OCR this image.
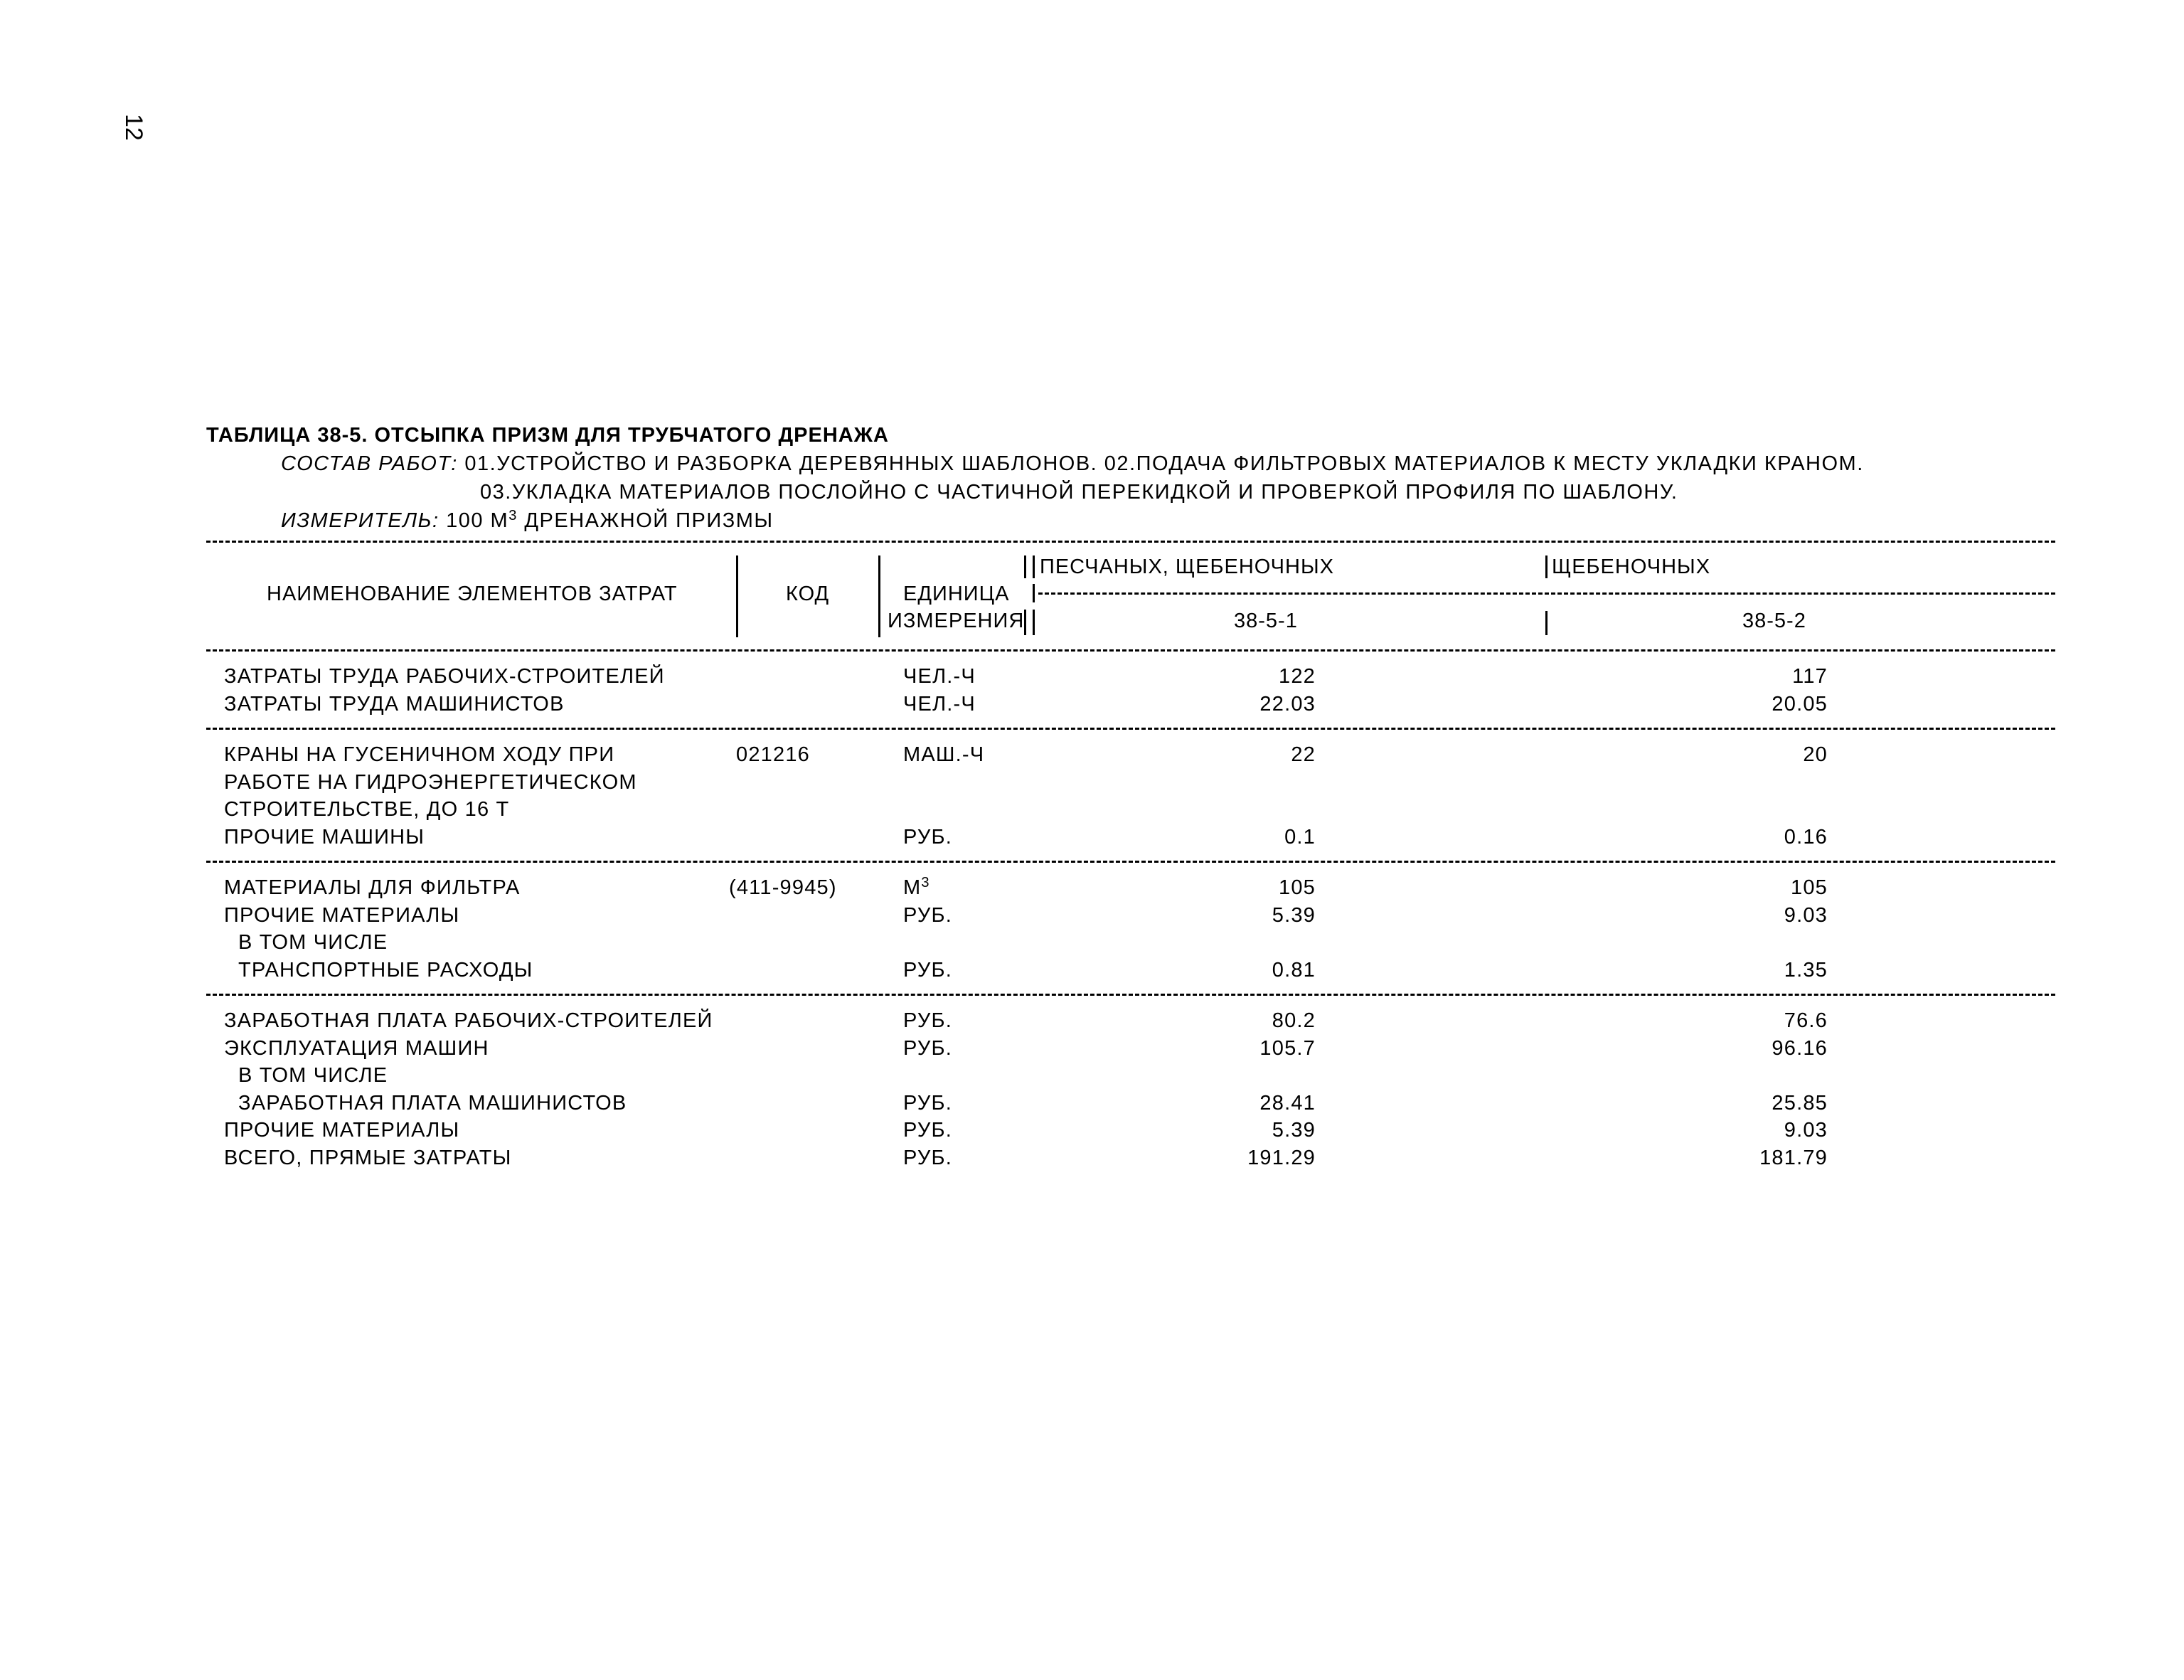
12
ТАБЛИЦА 38-5. ОТСЫПКА ПРИЗМ ДЛЯ ТРУБЧАТОГО ДРЕНАЖА
СОСТАВ РАБОТ: 01.УСТРОЙСТВО И РАЗБОРКА ДЕРЕВЯННЫХ ШАБЛОНОВ. 02.ПОДАЧА ФИЛЬТРОВЫХ МАТЕРИАЛОВ К МЕСТУ УКЛАДКИ КРАНОМ.
03.УКЛАДКА МАТЕРИАЛОВ ПОСЛОЙНО С ЧАСТИЧНОЙ ПЕРЕКИДКОЙ И ПРОВЕРКОЙ ПРОФИЛЯ ПО ШАБЛОНУ.
ИЗМЕРИТЕЛЬ: 100 $М^3$ ДРЕНАЖНОЙ ПРИЗМЫ
НАИМЕНОВАНИЕ ЭЛЕМЕНТОВ ЗАТРАТ	КОД	ЕДИНИЦА
ИЗМЕРЕНИЯ
ПЕСЧАНЫХ, ЩЕБЕНОЧНЫХ	ЩЕБЕНОЧНЫХ
38-5-1	38-5-2
ЗАТРАТЫ ТРУДА РАБОЧИХ-СТРОИТЕЛЕЙ	ЧЕЛ.-Ч	122	117
ЗАТРАТЫ ТРУДА МАШИНИСТОВ	ЧЕЛ.-Ч	22.03	20.05
КРАНЫ НА ГУСЕНИЧНОМ ХОДУ ПРИ	021216	МАШ.-Ч	22	20
РАБОТЕ НА ГИДРОЭНЕРГЕТИЧЕСКОМ
СТРОИТЕЛЬСТВЕ, ДО 16 Т
ПРОЧИЕ МАШИНЫ	РУБ.	0.1	0.16
МАТЕРИАЛЫ ДЛЯ ФИЛЬТРА	(411-9945)	$М^3$	105	105
ПРОЧИЕ МАТЕРИАЛЫ	РУБ.	5.39	9.03
В ТОМ ЧИСЛЕ
ТРАНСПОРТНЫЕ РАСХОДЫ	РУБ.	0.81	1.35
ЗАРАБОТНАЯ ПЛАТА РАБОЧИХ-СТРОИТЕЛЕЙ	РУБ.	80.2	76.6
ЭКСПЛУАТАЦИЯ МАШИН	РУБ.	105.7	96.16
В ТОМ ЧИСЛЕ
ЗАРАБОТНАЯ ПЛАТА МАШИНИСТОВ	РУБ.	28.41	25.85
ПРОЧИЕ МАТЕРИАЛЫ	РУБ.	5.39	9.03
ВСЕГО, ПРЯМЫЕ ЗАТРАТЫ	РУБ.	191.29	181.79
